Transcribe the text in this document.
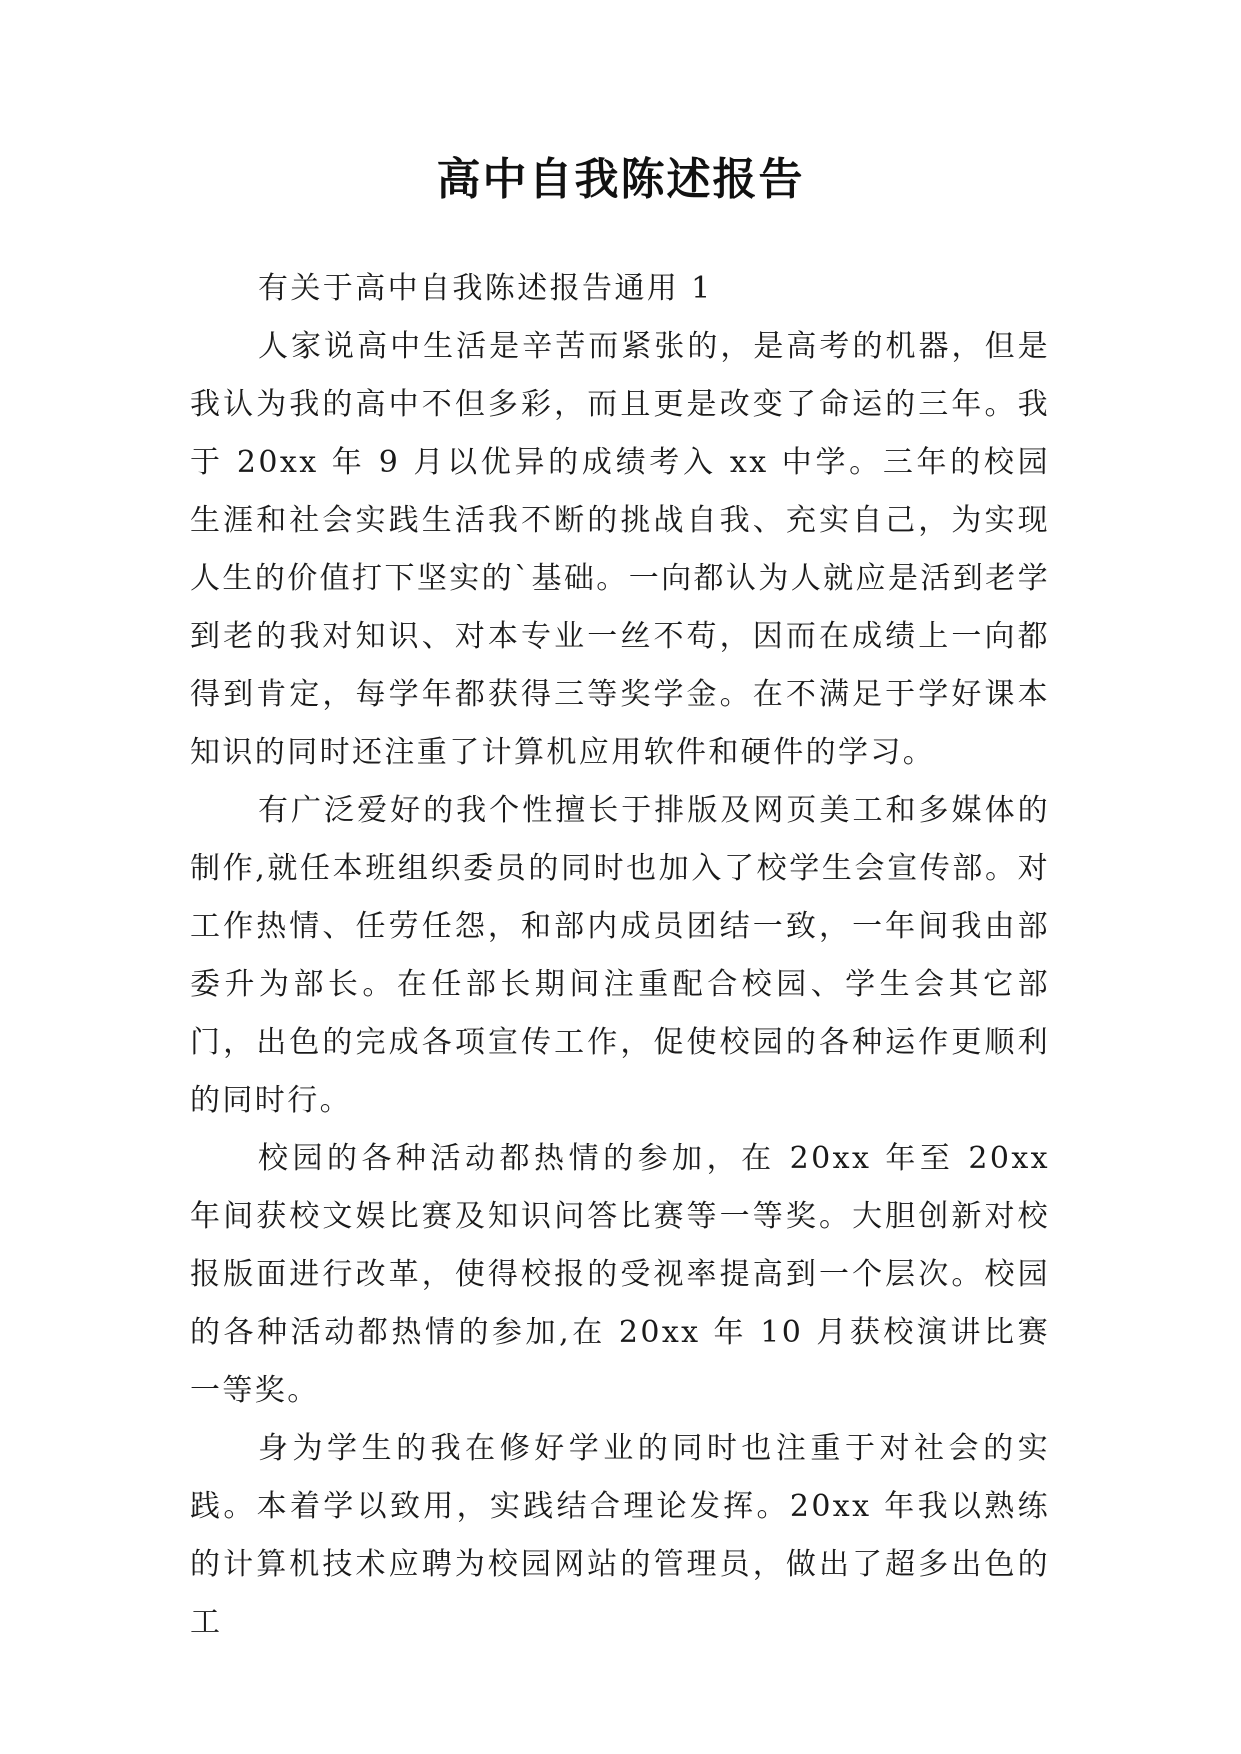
高中自我陈述报告

有关于高中自我陈述报告通用 1

人家说高中生活是辛苦而紧张的，是高考的机器，但是我认为我的高中不但多彩，而且更是改变了命运的三年。我于 20xx 年 9 月以优异的成绩考入 xx 中学。三年的校园生涯和社会实践生活我不断的挑战自我、充实自己，为实现人生的价值打下坚实的`基础。一向都认为人就应是活到老学到老的我对知识、对本专业一丝不苟，因而在成绩上一向都得到肯定，每学年都获得三等奖学金。在不满足于学好课本知识的同时还注重了计算机应用软件和硬件的学习。

有广泛爱好的我个性擅长于排版及网页美工和多媒体的制作,就任本班组织委员的同时也加入了校学生会宣传部。对工作热情、任劳任怨，和部内成员团结一致，一年间我由部委升为部长。在任部长期间注重配合校园、学生会其它部门，出色的完成各项宣传工作，促使校园的各种运作更顺利的同时行。

校园的各种活动都热情的参加，在 20xx 年至 20xx 年间获校文娱比赛及知识问答比赛等一等奖。大胆创新对校报版面进行改革，使得校报的受视率提高到一个层次。校园的各种活动都热情的参加,在 20xx 年 10 月获校演讲比赛一等奖。

身为学生的我在修好学业的同时也注重于对社会的实践。本着学以致用，实践结合理论发挥。20xx 年我以熟练的计算机技术应聘为校园网站的管理员，做出了超多出色的工
